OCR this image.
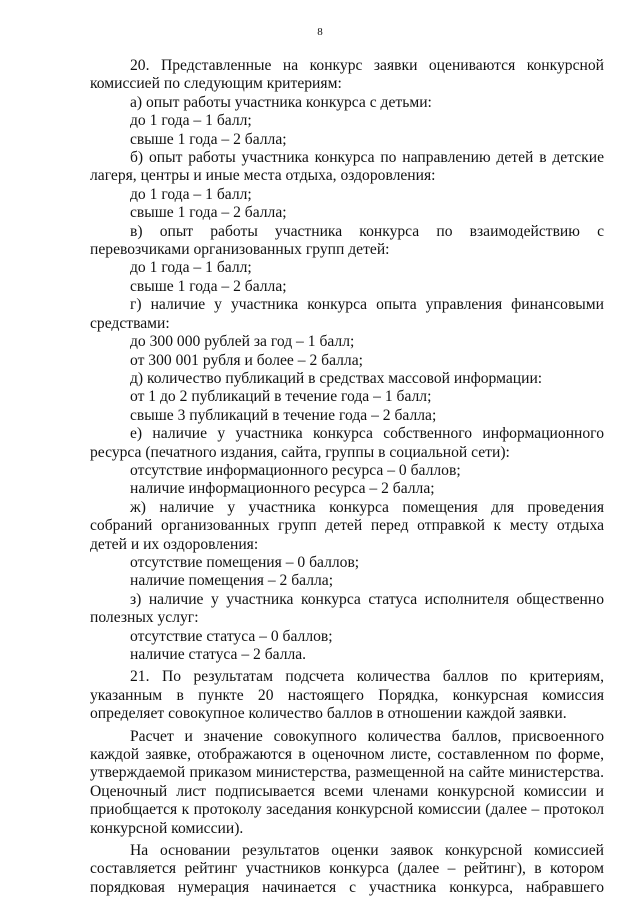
8

20. Представленные на конкурс заявки оцениваются конкурсной комиссией по следующим критериям:

а) опыт работы участника конкурса с детьми:

до 1 года – 1 балл;

свыше 1 года – 2 балла;

б) опыт работы участника конкурса по направлению детей в детские лагеря, центры и иные места отдыха, оздоровления:

до 1 года – 1 балл;

свыше 1 года – 2 балла;

в) опыт работы участника конкурса по взаимодействию с перевозчиками организованных групп детей:

до 1 года – 1 балл;

свыше 1 года – 2 балла;

г) наличие у участника конкурса опыта управления финансовыми средствами:

до 300 000 рублей за год – 1 балл;

от 300 001 рубля и более – 2 балла;

д) количество публикаций в средствах массовой информации:

от 1 до 2 публикаций в течение года – 1 балл;

свыше 3 публикаций в течение года – 2 балла;

е) наличие у участника конкурса собственного информационного ресурса (печатного издания, сайта, группы в социальной сети):

отсутствие информационного ресурса – 0 баллов;

наличие информационного ресурса – 2 балла;

ж) наличие у участника конкурса помещения для проведения собраний организованных групп детей перед отправкой к месту отдыха детей и их оздоровления:

отсутствие помещения – 0 баллов;

наличие помещения – 2 балла;

з) наличие у участника конкурса статуса исполнителя общественно полезных услуг:

отсутствие статуса – 0 баллов;

наличие статуса – 2 балла.

21. По результатам подсчета количества баллов по критериям, указанным в пункте 20 настоящего Порядка, конкурсная комиссия определяет совокупное количество баллов в отношении каждой заявки.

Расчет и значение совокупного количества баллов, присвоенного каждой заявке, отображаются в оценочном листе, составленном по форме, утверждаемой приказом министерства, размещенной на сайте министерства. Оценочный лист подписывается всеми членами конкурсной комиссии и приобщается к протоколу заседания конкурсной комиссии (далее – протокол конкурсной комиссии).

На основании результатов оценки заявок конкурсной комиссией составляется рейтинг участников конкурса (далее – рейтинг), в котором порядковая нумерация начинается с участника конкурса, набравшего
